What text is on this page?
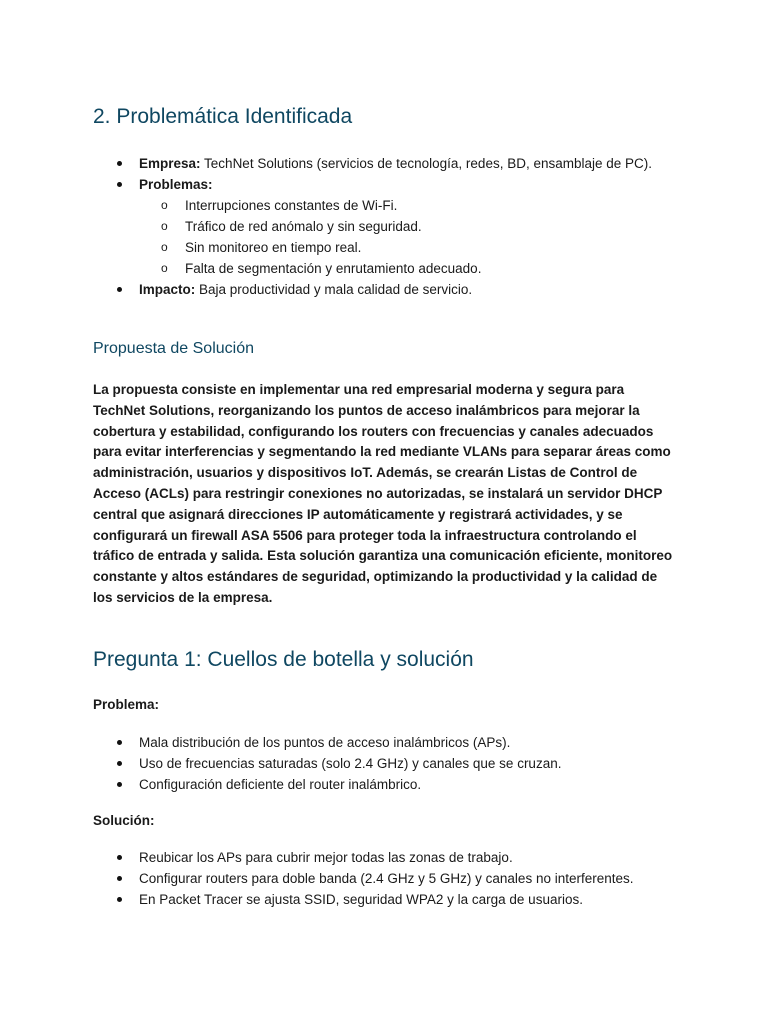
2. Problemática Identificada
Empresa: TechNet Solutions (servicios de tecnología, redes, BD, ensamblaje de PC).
Problemas:
o Interrupciones constantes de Wi-Fi.
o Tráfico de red anómalo y sin seguridad.
o Sin monitoreo en tiempo real.
o Falta de segmentación y enrutamiento adecuado.
Impacto: Baja productividad y mala calidad de servicio.
Propuesta de Solución

La propuesta consiste en implementar una red empresarial moderna y segura para TechNet Solutions, reorganizando los puntos de acceso inalámbricos para mejorar la cobertura y estabilidad, configurando los routers con frecuencias y canales adecuados para evitar interferencias y segmentando la red mediante VLANs para separar áreas como administración, usuarios y dispositivos IoT. Además, se crearán Listas de Control de Acceso (ACLs) para restringir conexiones no autorizadas, se instalará un servidor DHCP central que asignará direcciones IP automáticamente y registrará actividades, y se configurará un firewall ASA 5506 para proteger toda la infraestructura controlando el tráfico de entrada y salida. Esta solución garantiza una comunicación eficiente, monitoreo constante y altos estándares de seguridad, optimizando la productividad y la calidad de los servicios de la empresa.

Pregunta 1: Cuellos de botella y solución

Problema:

Mala distribución de los puntos de acceso inalámbricos (APs).
Uso de frecuencias saturadas (solo 2.4 GHz) y canales que se cruzan.
Configuración deficiente del router inalámbrico.

Solución:

Reubicar los APs para cubrir mejor todas las zonas de trabajo.
Configurar routers para doble banda (2.4 GHz y 5 GHz) y canales no interferentes.
En Packet Tracer se ajusta SSID, seguridad WPA2 y la carga de usuarios.
